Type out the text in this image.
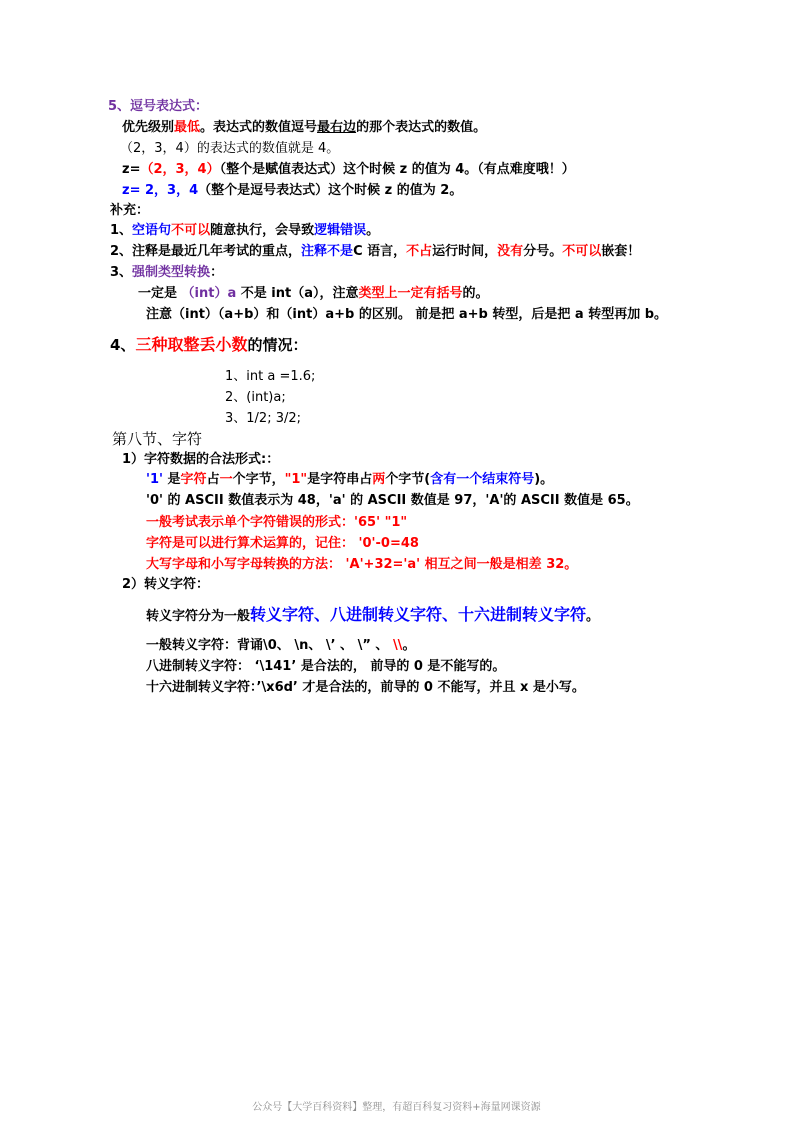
5、逗号表达式：
优先级别最低。表达式的数值逗号最右边的那个表达式的数值。
（2，3，4）的表达式的数值就是 4。
z=（2，3，4）（整个是赋值表达式）这个时候 z 的值为 4。（有点难度哦！）
z= 2，3，4（整个是逗号表达式）这个时候 z 的值为 2。
补充：
1、空语句不可以随意执行，会导致逻辑错误。
2、注释是最近几年考试的重点，注释不是C 语言，不占运行时间，没有分号。不可以嵌套！
3、强制类型转换：
一定是 （int）a 不是 int（a），注意类型上一定有括号的。
注意（int）（a+b）和（int）a+b 的区别。 前是把 a+b 转型，后是把 a 转型再加 b。
4、三种取整丢小数的情况：
1、int a =1.6;
2、(int)a;
3、1/2; 3/2;
第八节、字符
1）字符数据的合法形式:：
'1' 是字符占一个字节，"1"是字符串占两个字节(含有一个结束符号)。
'0' 的 ASCII 数值表示为 48，'a' 的 ASCII 数值是 97，'A'的 ASCII 数值是 65。
一般考试表示单个字符错误的形式：'65' "1"
字符是可以进行算术运算的，记住： '0'-0=48
大写字母和小写字母转换的方法： 'A'+32='a' 相互之间一般是相差 32。
2）转义字符：
转义字符分为一般转义字符、八进制转义字符、十六进制转义字符。
一般转义字符：背诵\0、 \n、 \’ 、 \” 、 \\。
八进制转义字符： ‘\141’ 是合法的， 前导的 0 是不能写的。
十六进制转义字符：’\x6d’ 才是合法的，前导的 0 不能写，并且 x 是小写。
公众号【大学百科资料】整理，有超百科复习资料+海量网课资源
